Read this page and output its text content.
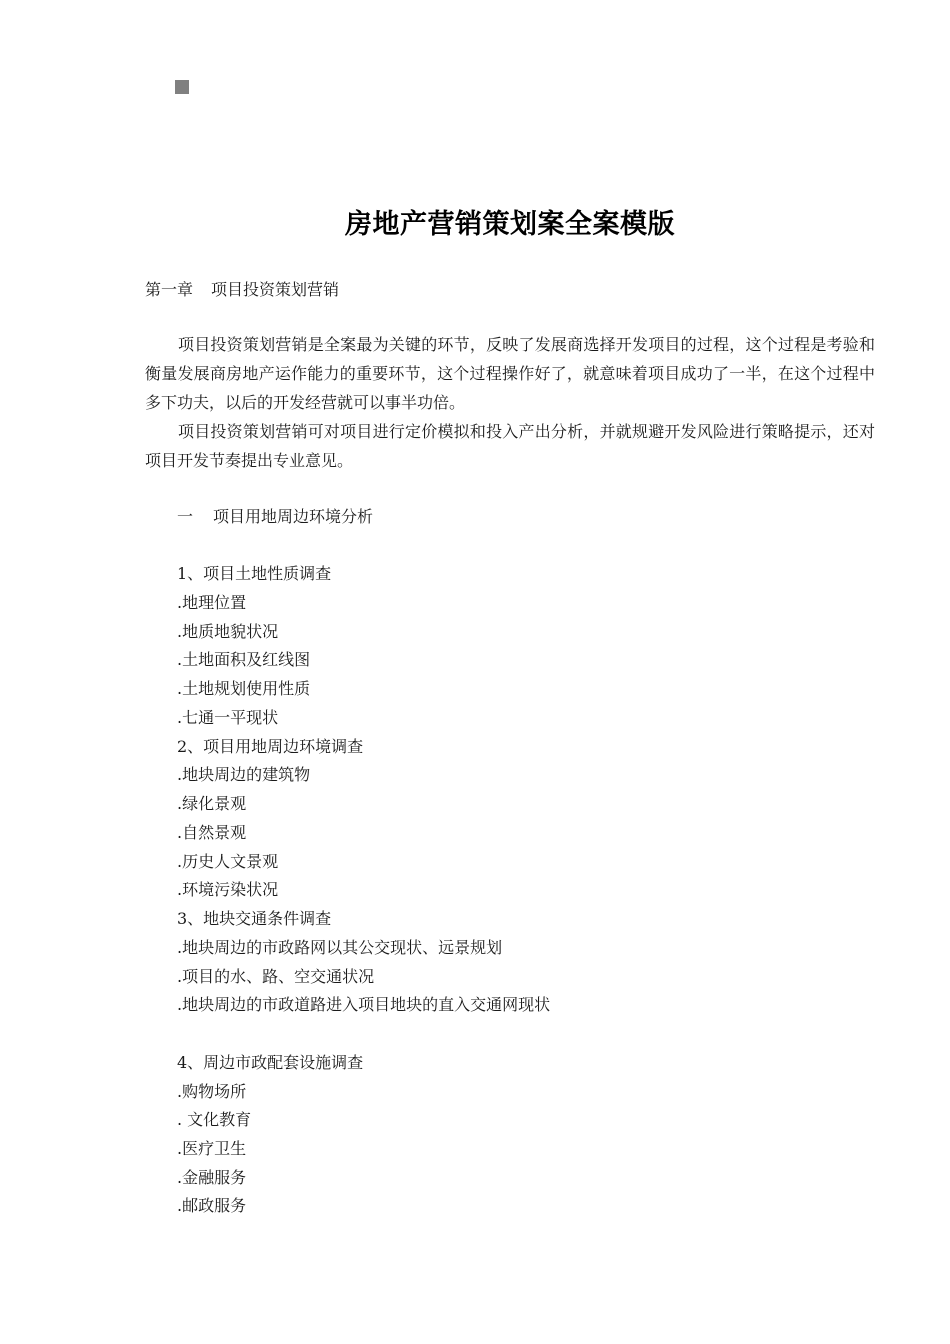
房地产营销策划案全案模版
第一章 项目投资策划营销
项目投资策划营销是全案最为关键的环节，反映了发展商选择开发项目的过程，这个过程是考验和衡量发展商房地产运作能力的重要环节，这个过程操作好了，就意味着项目成功了一半，在这个过程中多下功夫，以后的开发经营就可以事半功倍。
项目投资策划营销可对项目进行定价模拟和投入产出分析，并就规避开发风险进行策略提示，还对项目开发节奏提出专业意见。
一 项目用地周边环境分析
1、项目土地性质调查
.地理位置
.地质地貌状况
.土地面积及红线图
.土地规划使用性质
.七通一平现状
2、项目用地周边环境调查
.地块周边的建筑物
.绿化景观
.自然景观
.历史人文景观
.环境污染状况
3、地块交通条件调查
.地块周边的市政路网以其公交现状、远景规划
.项目的水、路、空交通状况
.地块周边的市政道路进入项目地块的直入交通网现状
4、周边市政配套设施调查
.购物场所
. 文化教育
.医疗卫生
.金融服务
.邮政服务
